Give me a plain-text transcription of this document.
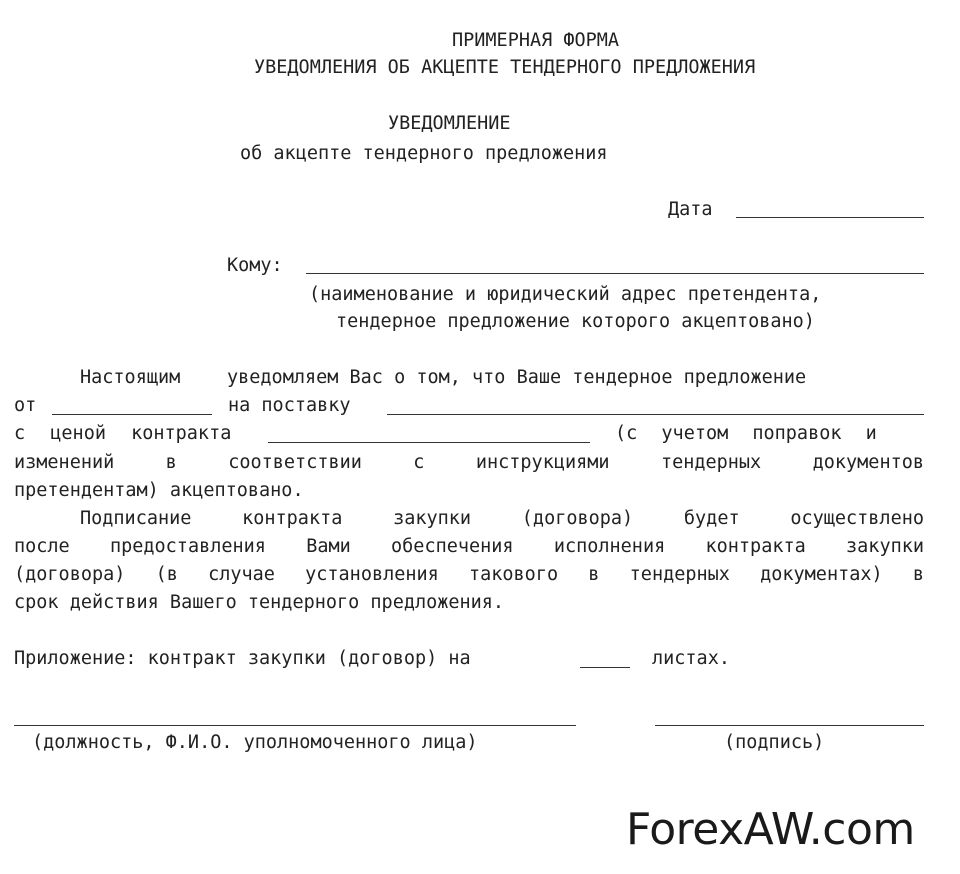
ПРИМЕРНАЯ ФОРМА
УВЕДОМЛЕНИЯ ОБ АКЦЕПТЕ ТЕНДЕРНОГО ПРЕДЛОЖЕНИЯ
УВЕДОМЛЕНИЕ
об акцепте тендерного предложения
Дата
Кому:
(наименование и юридический адрес претендента,
тендерное предложение которого акцептовано)
Настоящим	уведомляем Вас о том, что Ваше тендерное предложение
от	на поставку
с ценой контракта	(с учетом поправок и
изменений в соответствии с инструкциями тендерных документов
претендентам) акцептовано.
Подписание контракта закупки (договора) будет осуществлено
после предоставления Вами обеспечения исполнения контракта закупки
(договора) (в случае установления такового в тендерных документах) в
срок действия Вашего тендерного предложения.
Приложение: контракт закупки (договор) на	листах.
(должность, Ф.И.О. уполномоченного лица)	(подпись)
ForexAW.com
